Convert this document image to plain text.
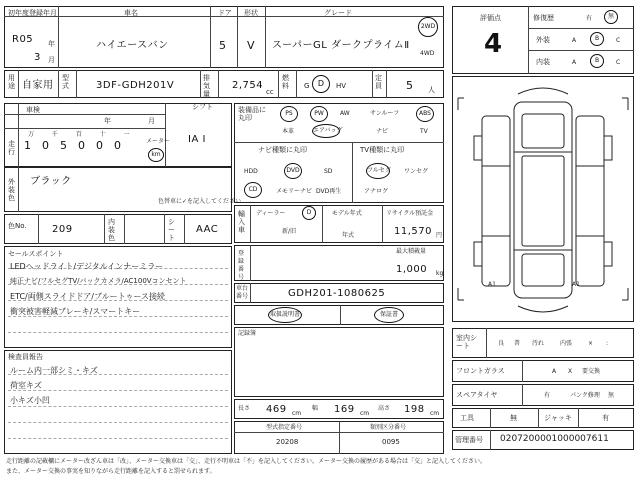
初年度登録年月
R05 年
3 月
車名
ハイエースバン
ドア
5
形状
V
グレード
スーパーGL ダークプライムⅡ
2WD
4WD
用途 自家用
型式	3DF-GDH201V
排気量
2,754
cc
燃料	G	D	HV
定員 5 人
車検
年	月
シフト
IA I
走行
万 千 百 十 一
1	0	5	0	0	0
km
メーター
外装色
ブラック
色替車に✓を記入してください
色No.	209
内装色
シート
AAC
セールスポイント
LEDヘッドライト/デジタルインナーミラー
純正ナビ/フルセグTV/バックカメラ/AC100Vコンセント
ETC/両側スライドドア/ブルートゥース接続
衝突被害軽減ブレーキ/スマートキー
検査員報告
ルーム内一部シミ・キズ
荷室キズ
小キズ小凹
装備品に丸印
PS	PW	AW	サンルーフ	ABS
本革	エアバッグ	ナビ	TV
ナビ種類に丸印
HDD	DVD	SD
CD	メモリーナビ DVD再生
TV種類に丸印
フルセグ ワンセグ
アナログ
輸入車
ディーラー	D
新/旧
モデル年式
年式
リサイクル預託金
11,570 円
登録番号
最大積載量
1,000 kg
車台番号	GDH201-1080625
取扱説明書	保証書
記録簿
長さ 469 cm
幅 169 cm
高さ 198 cm
型式指定番号
20208
類別区分番号
0095
評価点
4
修復歴	有	無
外装	A	B	C
内装	A	B	C
A1	A1
室内シート	良 普 汚れ	内張	× :
フロントガラス	A X 要交換
スペアタイヤ	有	パンク修理 無
工具	無	ジャッキ	有
管理番号 0207200001000007611
走行距離の記載欄にメーター改ざん車は「改」、メーター交換車は「交」、走行不明車は「不」を記入してください。メーター交換の履歴がある場合は「交」と記入してください。
また、メーター交換の事実を知りながら走行距離を記入すると罰せられます。
